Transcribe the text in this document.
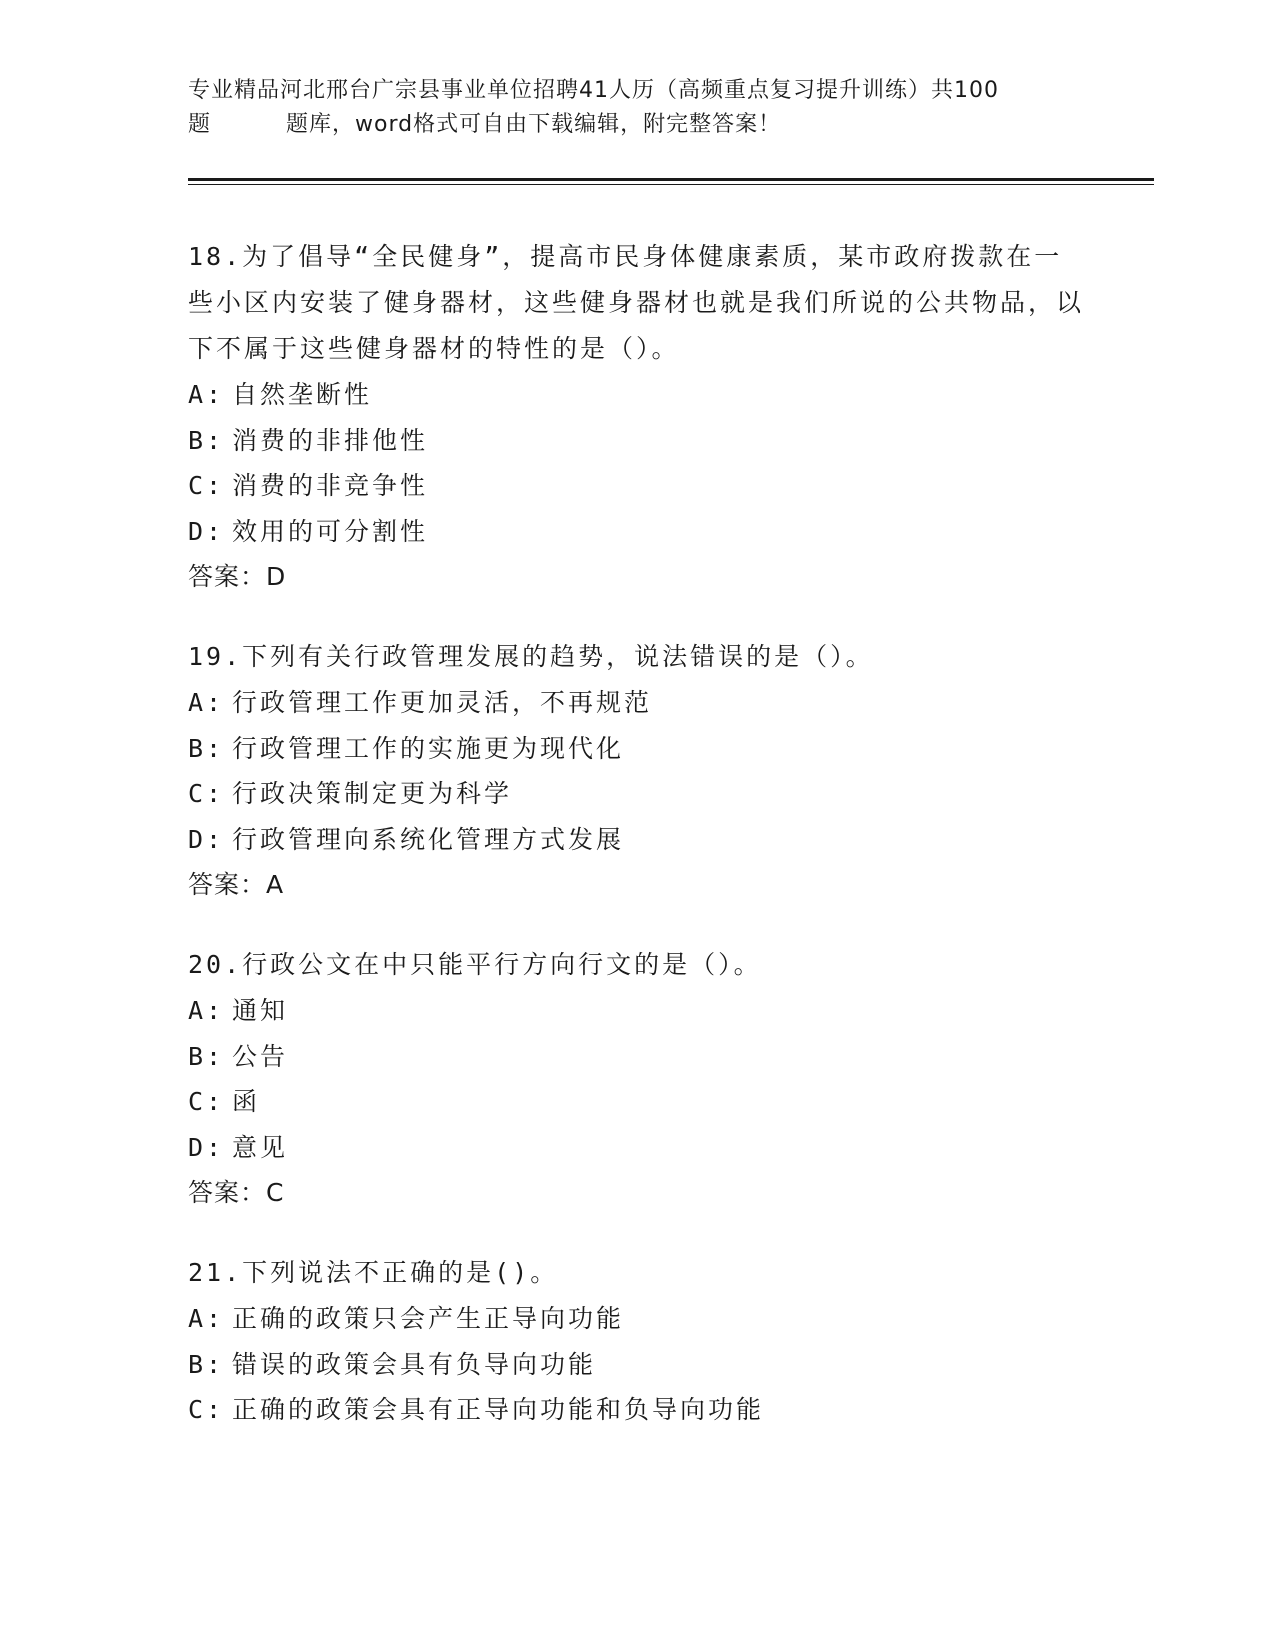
专业精品河北邢台广宗县事业单位招聘41人历（高频重点复习提升训练）共100
题	题库，word格式可自由下载编辑，附完整答案！
18.为了倡导“全民健身”，提高市民身体健康素质，某市政府拨款在一些小区内安装了健身器材，这些健身器材也就是我们所说的公共物品，以下不属于这些健身器材的特性的是（）。
A: 自然垄断性
B: 消费的非排他性
C: 消费的非竞争性
D: 效用的可分割性
答案：D
19.下列有关行政管理发展的趋势，说法错误的是（）。
A: 行政管理工作更加灵活，不再规范
B: 行政管理工作的实施更为现代化
C: 行政决策制定更为科学
D: 行政管理向系统化管理方式发展
答案：A
20.行政公文在中只能平行方向行文的是（）。
A: 通知
B: 公告
C: 函
D: 意见
答案：C
21.下列说法不正确的是()。
A: 正确的政策只会产生正导向功能
B: 错误的政策会具有负导向功能
C: 正确的政策会具有正导向功能和负导向功能
